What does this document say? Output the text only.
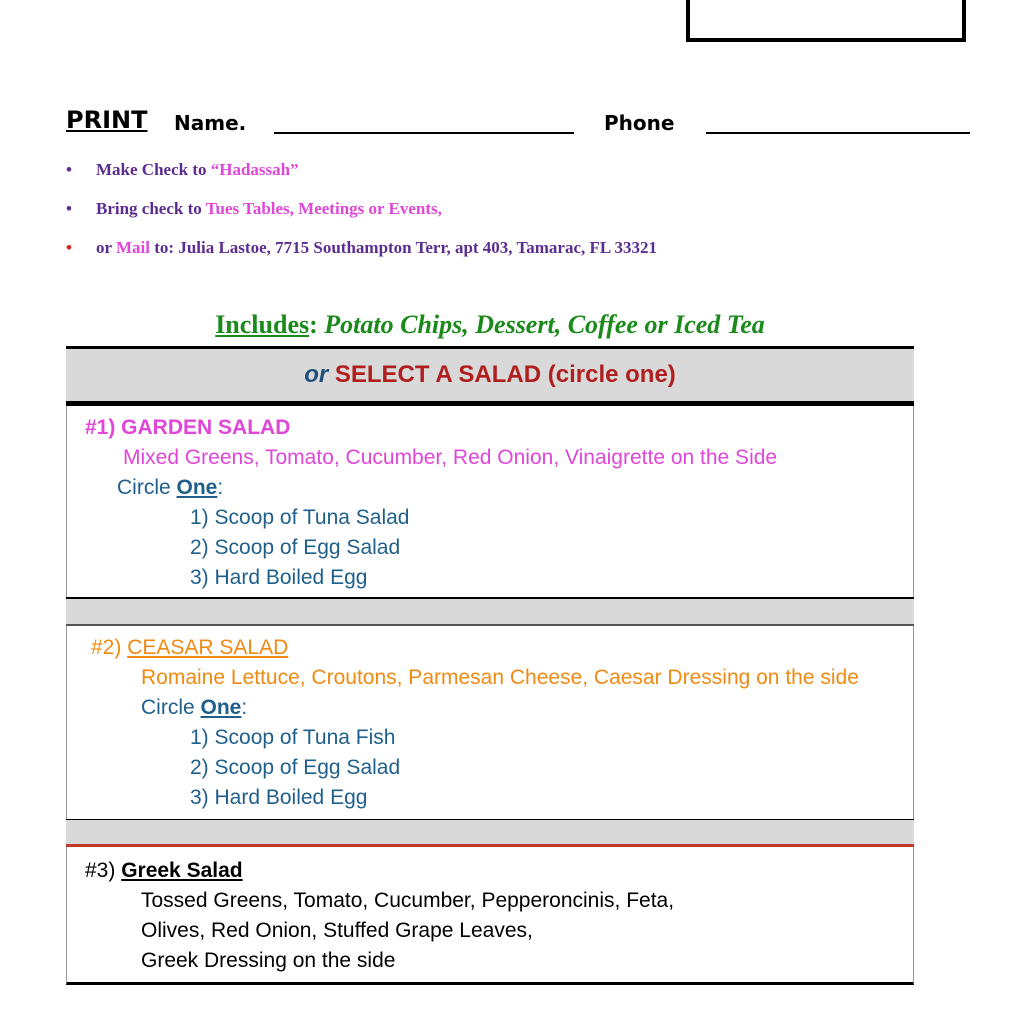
PRINT Name.	Phone
• Make Check to “Hadassah”
• Bring check to Tues Tables, Meetings or Events,
• or Mail to: Julia Lastoe, 7715 Southampton Terr, apt 403, Tamarac, FL 33321
Includes: Potato Chips, Dessert, Coffee or Iced Tea
or SELECT A SALAD (circle one)
#1) GARDEN SALAD
Mixed Greens, Tomato, Cucumber, Red Onion, Vinaigrette on the Side
Circle One:
1) Scoop of Tuna Salad
2) Scoop of Egg Salad
3) Hard Boiled Egg
#2) CEASAR SALAD
Romaine Lettuce, Croutons, Parmesan Cheese, Caesar Dressing on the side
Circle One:
1) Scoop of Tuna Fish
2) Scoop of Egg Salad
3) Hard Boiled Egg
#3) Greek Salad
Tossed Greens, Tomato, Cucumber, Pepperoncinis, Feta,
Olives, Red Onion, Stuffed Grape Leaves,
Greek Dressing on the side
